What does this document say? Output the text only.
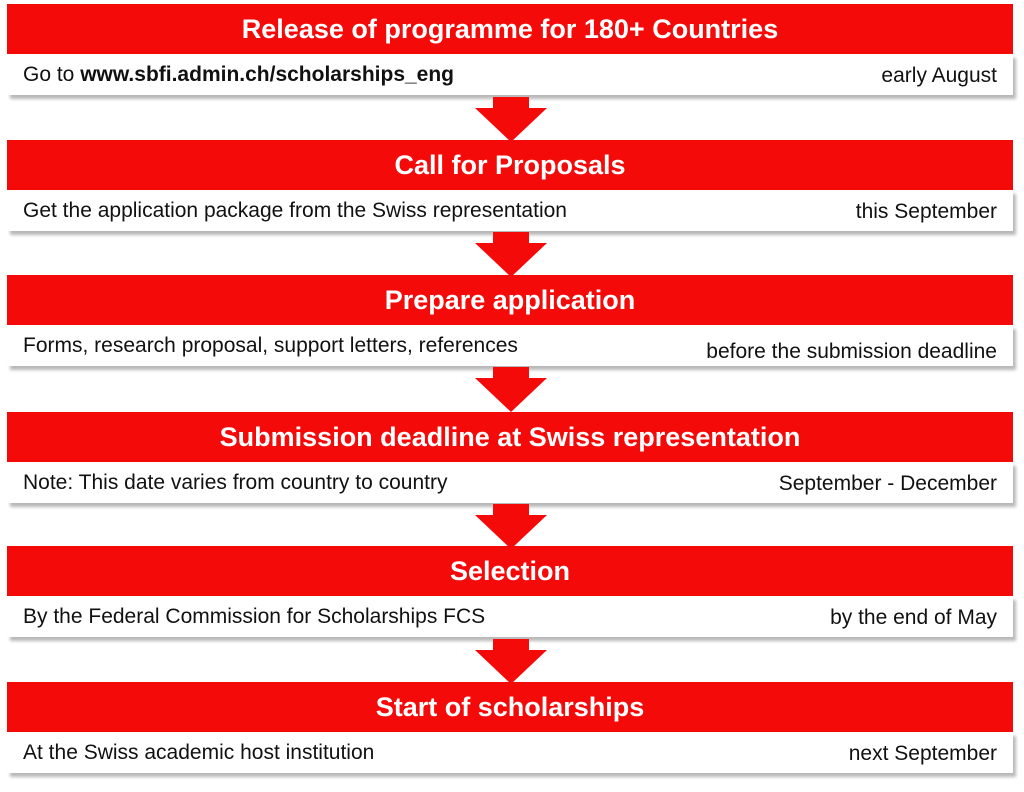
Release of programme for 180+ Countries
Go to www.sbfi.admin.ch/scholarships_eng	early August
Call for Proposals
Get the application package from the Swiss representation	this September
Prepare application
Forms, research proposal, support letters, references	before the submission deadline
Submission deadline at Swiss representation
Note: This date varies from country to country	September - December
Selection
By the Federal Commission for Scholarships FCS	by the end of May
Start of scholarships
At the Swiss academic host institution	next September
